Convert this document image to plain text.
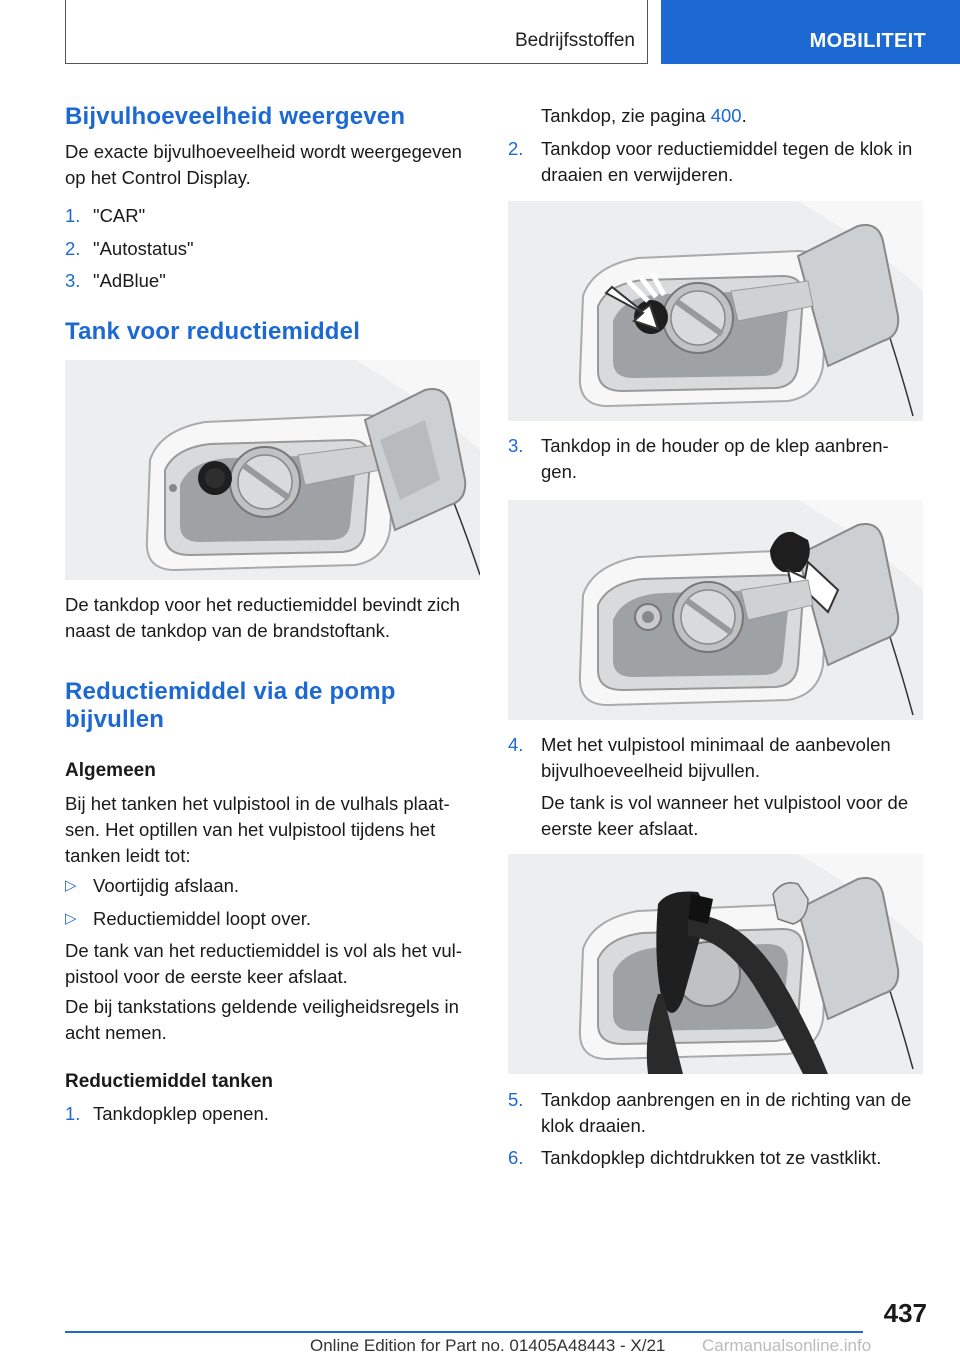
Bedrijfsstoffen	MOBILITEIT
Bijvulhoeveelheid weergeven

De exacte bijvulhoeveelheid wordt weergegeven op het Control Display.

1. "CAR"
2. "Autostatus"
3. "AdBlue"
Tank voor reductiemiddel

De tankdop voor het reductiemiddel bevindt zich naast de tankdop van de brandstoftank.

Reductiemiddel via de pomp bijvullen
Algemeen

Bij het tanken het vulpistool in de vulhals plaat-sen. Het optillen van het vulpistool tijdens het tanken leidt tot:

▷ Voortijdig afslaan.
▷ Reductiemiddel loopt over.

De tank van het reductiemiddel is vol als het vul-pistool voor de eerste keer afslaat.

De bij tankstations geldende veiligheidsregels in acht nemen.

Reductiemiddel tanken
1. Tankdopklep openen.

Tankdop, zie pagina 400.

2. Tankdop voor reductiemiddel tegen de klok in draaien en verwijderen.
3. Tankdop in de houder op de klep aanbren-gen.
4. Met het vulpistool minimaal de aanbevolen bijvulhoeveelheid bijvullen.

De tank is vol wanneer het vulpistool voor de eerste keer afslaat.

5. Tankdop aanbrengen en in de richting van de klok draaien.
6. Tankdopklep dichtdrukken tot ze vastklikt.
437
Online Edition for Part no. 01405A48443 - X/21 Carmanualsonline.info
